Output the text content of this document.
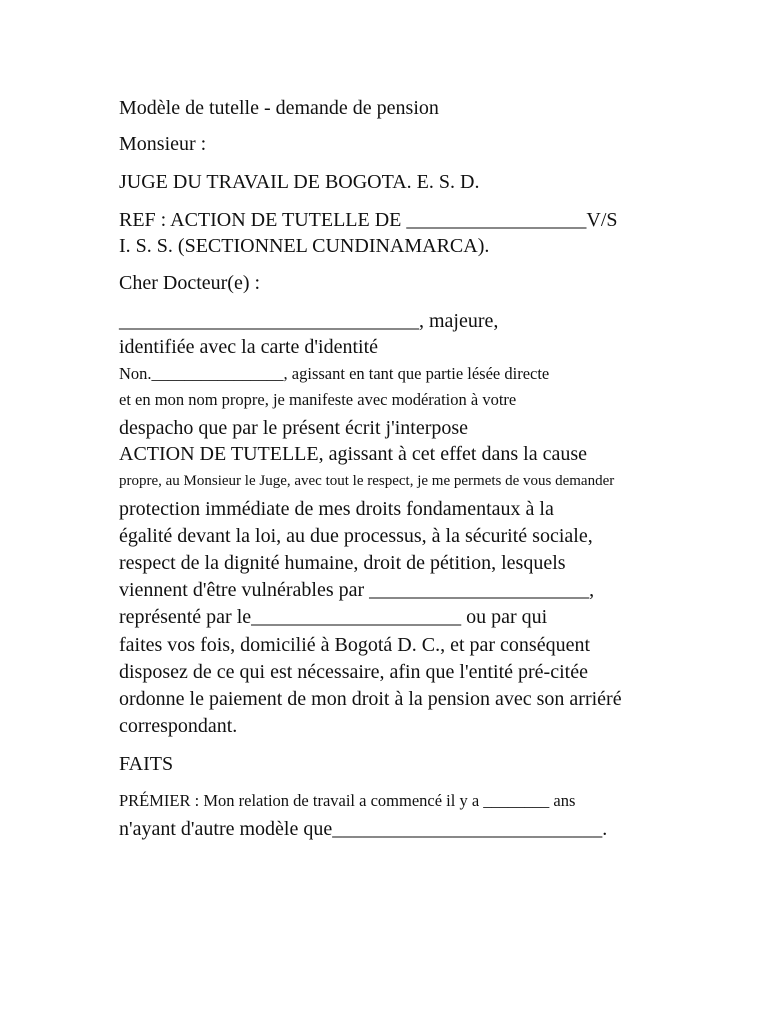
Modèle de tutelle - demande de pension
Monsieur :
JUGE DU TRAVAIL DE BOGOTA. E. S. D.
REF : ACTION DE TUTELLE DE __________________V/S
I. S. S. (SECTIONNEL CUNDINAMARCA).
Cher Docteur(e) :
______________________________, majeure,
identifiée avec la carte d'identité
Non.________________, agissant en tant que partie lésée directe
et en mon nom propre, je manifeste avec modération à votre
despacho que par le présent écrit j'interpose
ACTION DE TUTELLE, agissant à cet effet dans la cause
propre, au Monsieur le Juge, avec tout le respect, je me permets de vous demander
protection immédiate de mes droits fondamentaux à la
égalité devant la loi, au due processus, à la sécurité sociale,
respect de la dignité humaine, droit de pétition, lesquels
viennent d'être vulnérables par ______________________,
représenté par le_____________________ ou par qui
faites vos fois, domicilié à Bogotá D. C., et par conséquent
disposez de ce qui est nécessaire, afin que l'entité pré-citée
ordonne le paiement de mon droit à la pension avec son arriéré
correspondant.
FAITS
PRÉMIER : Mon relation de travail a commencé il y a ________ ans
n'ayant d'autre modèle que___________________________.
